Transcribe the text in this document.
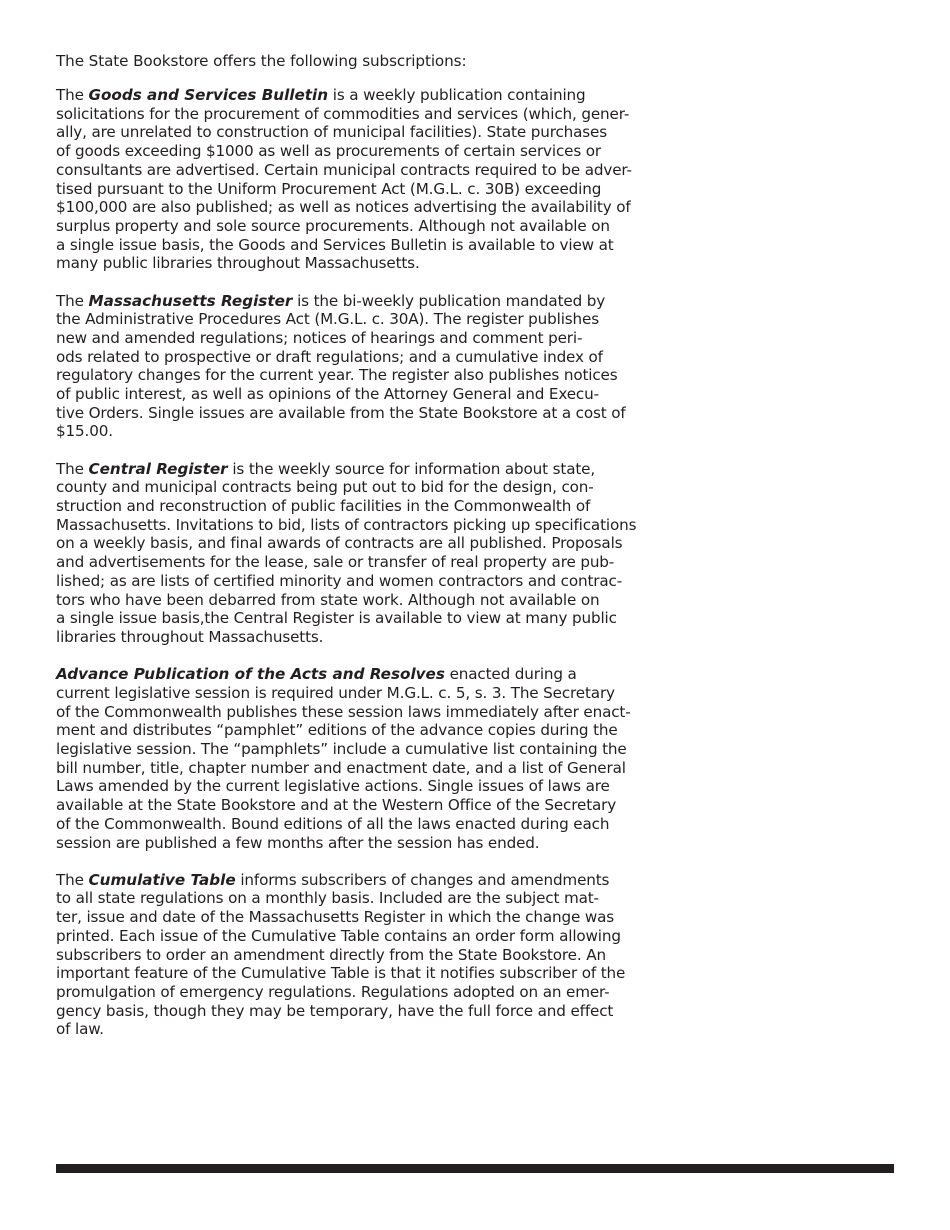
The State Bookstore offers the following subscriptions:

The Goods and Services Bulletin is a weekly publication containing
solicitations for the procurement of commodities and services (which, gener-
ally, are unrelated to construction of municipal facilities). State purchases
of goods exceeding $1000 as well as procurements of certain services or
consultants are advertised. Certain municipal contracts required to be adver-
tised pursuant to the Uniform Procurement Act (M.G.L. c. 30B) exceeding
$100,000 are also published; as well as notices advertising the availability of
surplus property and sole source procurements. Although not available on
a single issue basis, the Goods and Services Bulletin is available to view at
many public libraries throughout Massachusetts.

The Massachusetts Register is the bi-weekly publication mandated by
the Administrative Procedures Act (M.G.L. c. 30A). The register publishes
new and amended regulations; notices of hearings and comment peri-
ods related to prospective or draft regulations; and a cumulative index of
regulatory changes for the current year. The register also publishes notices
of public interest, as well as opinions of the Attorney General and Execu-
tive Orders. Single issues are available from the State Bookstore at a cost of
$15.00.

The Central Register is the weekly source for information about state,
county and municipal contracts being put out to bid for the design, con-
struction and reconstruction of public facilities in the Commonwealth of
Massachusetts. Invitations to bid, lists of contractors picking up specifications
on a weekly basis, and final awards of contracts are all published. Proposals
and advertisements for the lease, sale or transfer of real property are pub-
lished; as are lists of certified minority and women contractors and contrac-
tors who have been debarred from state work. Although not available on
a single issue basis,the Central Register is available to view at many public
libraries throughout Massachusetts.

Advance Publication of the Acts and Resolves enacted during a
current legislative session is required under M.G.L. c. 5, s. 3. The Secretary
of the Commonwealth publishes these session laws immediately after enact-
ment and distributes “pamphlet” editions of the advance copies during the
legislative session. The “pamphlets” include a cumulative list containing the
bill number, title, chapter number and enactment date, and a list of General
Laws amended by the current legislative actions. Single issues of laws are
available at the State Bookstore and at the Western Office of the Secretary
of the Commonwealth. Bound editions of all the laws enacted during each
session are published a few months after the session has ended.

The Cumulative Table informs subscribers of changes and amendments
to all state regulations on a monthly basis. Included are the subject mat-
ter, issue and date of the Massachusetts Register in which the change was
printed. Each issue of the Cumulative Table contains an order form allowing
subscribers to order an amendment directly from the State Bookstore. An
important feature of the Cumulative Table is that it notifies subscriber of the
promulgation of emergency regulations. Regulations adopted on an emer-
gency basis, though they may be temporary, have the full force and effect
of law.
